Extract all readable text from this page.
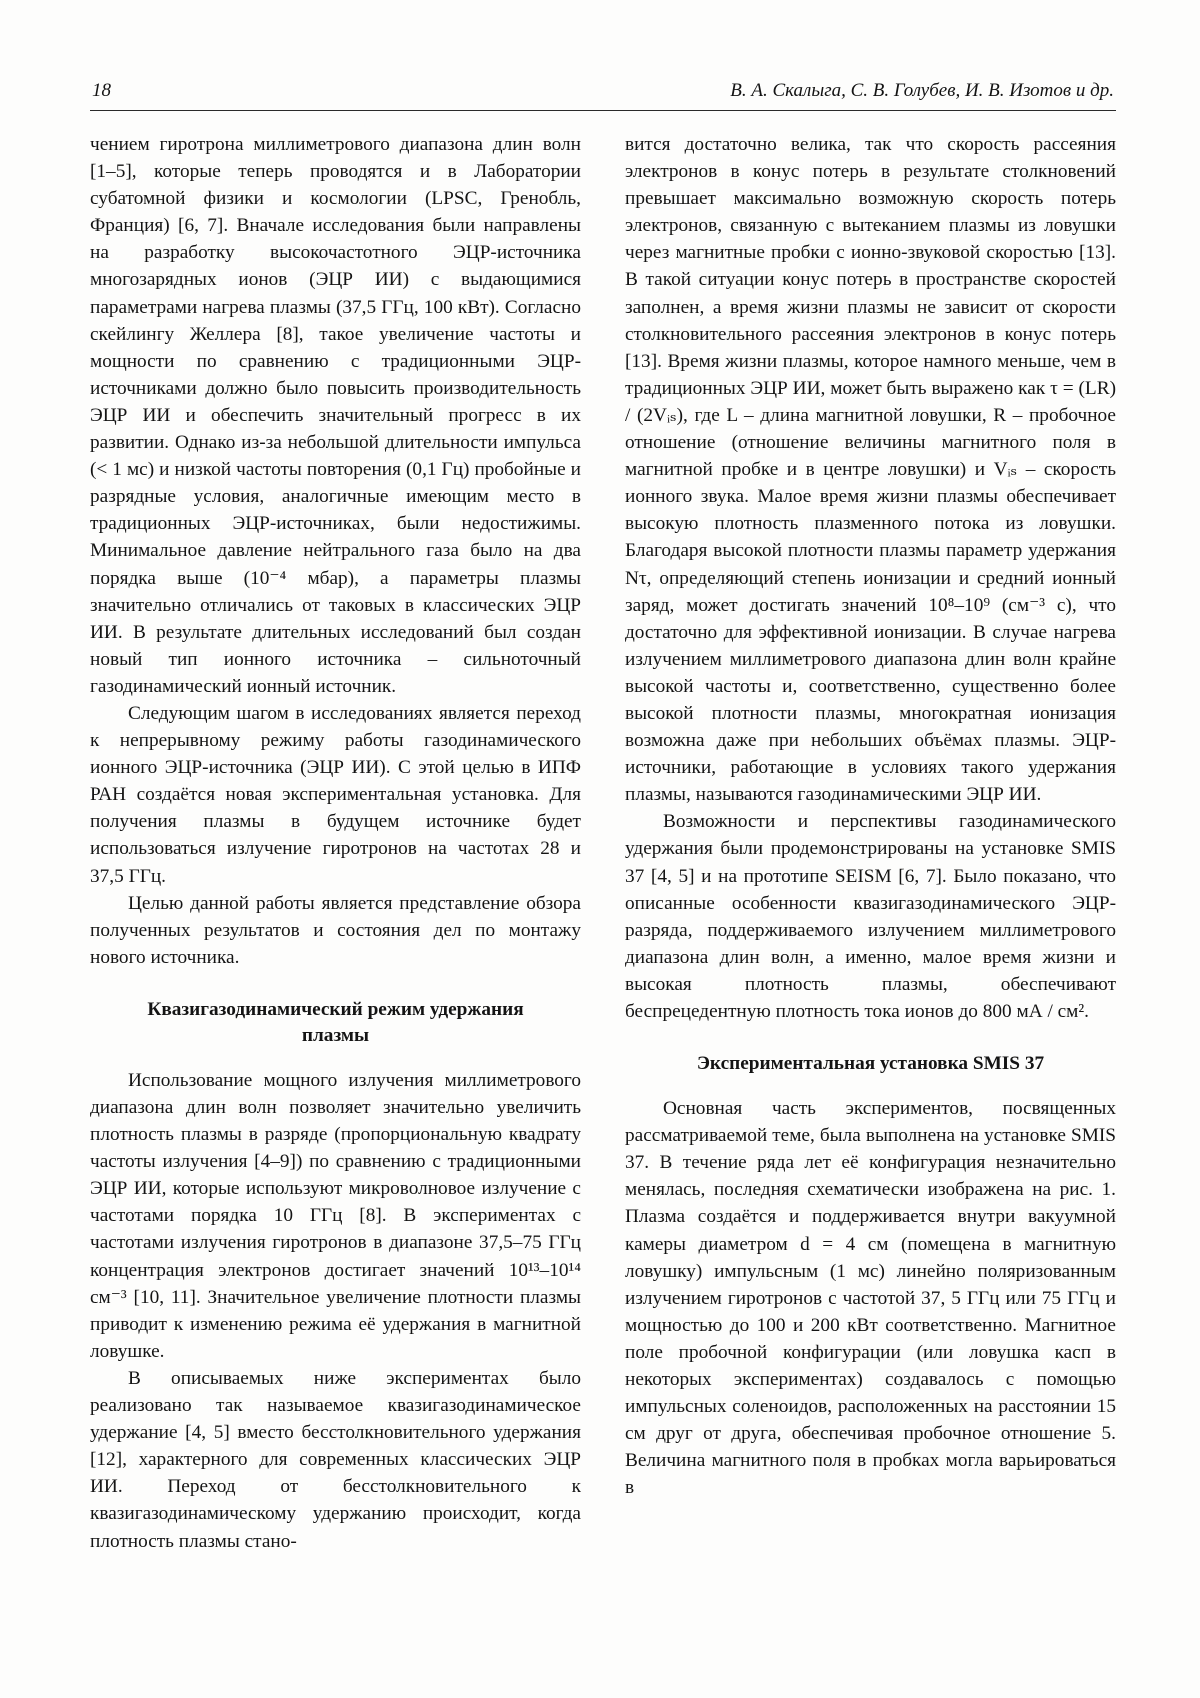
18	В. А. Скалыга, С. В. Голубев, И. В. Изотов и др.

чением гиротрона миллиметрового диапазона длин волн [1–5], которые теперь проводятся и в Лаборатории субатомной физики и космологии (LPSC, Гренобль, Франция) [6, 7]. Вначале исследования были направлены на разработку высокочастотного ЭЦР-источника многозарядных ионов (ЭЦР ИИ) с выдающимися параметрами нагрева плазмы (37,5 ГГц, 100 кВт). Согласно скейлингу Желлера [8], такое увеличение частоты и мощности по сравнению с традиционными ЭЦР-источниками должно было повысить производительность ЭЦР ИИ и обеспечить значительный прогресс в их развитии. Однако из-за небольшой длительности импульса (< 1 мс) и низкой частоты повторения (0,1 Гц) пробойные и разрядные условия, аналогичные имеющим место в традиционных ЭЦР-источниках, были недостижимы. Минимальное давление нейтрального газа было на два порядка выше (10⁻⁴ мбар), а параметры плазмы значительно отличались от таковых в классических ЭЦР ИИ. В результате длительных исследований был создан новый тип ионного источника – сильноточный газодинамический ионный источник.

Следующим шагом в исследованиях является переход к непрерывному режиму работы газодинамического ионного ЭЦР-источника (ЭЦР ИИ). С этой целью в ИПФ РАН создаётся новая экспериментальная установка. Для получения плазмы в будущем источнике будет использоваться излучение гиротронов на частотах 28 и 37,5 ГГц.

Целью данной работы является представление обзора полученных результатов и состояния дел по монтажу нового источника.

Квазигазодинамический режим удержания плазмы

Использование мощного излучения миллиметрового диапазона длин волн позволяет значительно увеличить плотность плазмы в разряде (пропорциональную квадрату частоты излучения [4–9]) по сравнению с традиционными ЭЦР ИИ, которые используют микроволновое излучение с частотами порядка 10 ГГц [8]. В экспериментах с частотами излучения гиротронов в диапазоне 37,5–75 ГГц концентрация электронов достигает значений 10¹³–10¹⁴ см⁻³ [10, 11]. Значительное увеличение плотности плазмы приводит к изменению режима её удержания в магнитной ловушке.

В описываемых ниже экспериментах было реализовано так называемое квазигазодинамическое удержание [4, 5] вместо бесстолкновительного удержания [12], характерного для современных классических ЭЦР ИИ. Переход от бесстолкновительного к квазигазодинамическому удержанию происходит, когда плотность плазмы стано-

вится достаточно велика, так что скорость рассеяния электронов в конус потерь в результате столкновений превышает максимально возможную скорость потерь электронов, связанную с вытеканием плазмы из ловушки через магнитные пробки с ионно-звуковой скоростью [13]. В такой ситуации конус потерь в пространстве скоростей заполнен, а время жизни плазмы не зависит от скорости столкновительного рассеяния электронов в конус потерь [13]. Время жизни плазмы, которое намного меньше, чем в традиционных ЭЦР ИИ, может быть выражено как τ = (LR) / (2Vᵢₛ), где L – длина магнитной ловушки, R – пробочное отношение (отношение величины магнитного поля в магнитной пробке и в центре ловушки) и Vᵢₛ – скорость ионного звука. Малое время жизни плазмы обеспечивает высокую плотность плазменного потока из ловушки. Благодаря высокой плотности плазмы параметр удержания Nτ, определяющий степень ионизации и средний ионный заряд, может достигать значений 10⁸–10⁹ (см⁻³ с), что достаточно для эффективной ионизации. В случае нагрева излучением миллиметрового диапазона длин волн крайне высокой частоты и, соответственно, существенно более высокой плотности плазмы, многократная ионизация возможна даже при небольших объёмах плазмы. ЭЦР-источники, работающие в условиях такого удержания плазмы, называются газодинамическими ЭЦР ИИ.

Возможности и перспективы газодинамического удержания были продемонстрированы на установке SMIS 37 [4, 5] и на прототипе SEISM [6, 7]. Было показано, что описанные особенности квазигазодинамического ЭЦР-разряда, поддерживаемого излучением миллиметрового диапазона длин волн, а именно, малое время жизни и высокая плотность плазмы, обеспечивают беспрецедентную плотность тока ионов до 800 мА / см².

Экспериментальная установка SMIS 37

Основная часть экспериментов, посвященных рассматриваемой теме, была выполнена на установке SMIS 37. В течение ряда лет её конфигурация незначительно менялась, последняя схематически изображена на рис. 1. Плазма создаётся и поддерживается внутри вакуумной камеры диаметром d = 4 см (помещена в магнитную ловушку) импульсным (1 мс) линейно поляризованным излучением гиротронов с частотой 37, 5 ГГц или 75 ГГц и мощностью до 100 и 200 кВт соответственно. Магнитное поле пробочной конфигурации (или ловушка касп в некоторых экспериментах) создавалось с помощью импульсных соленоидов, расположенных на расстоянии 15 см друг от друга, обеспечивая пробочное отношение 5. Величина магнитного поля в пробках могла варьироваться в
